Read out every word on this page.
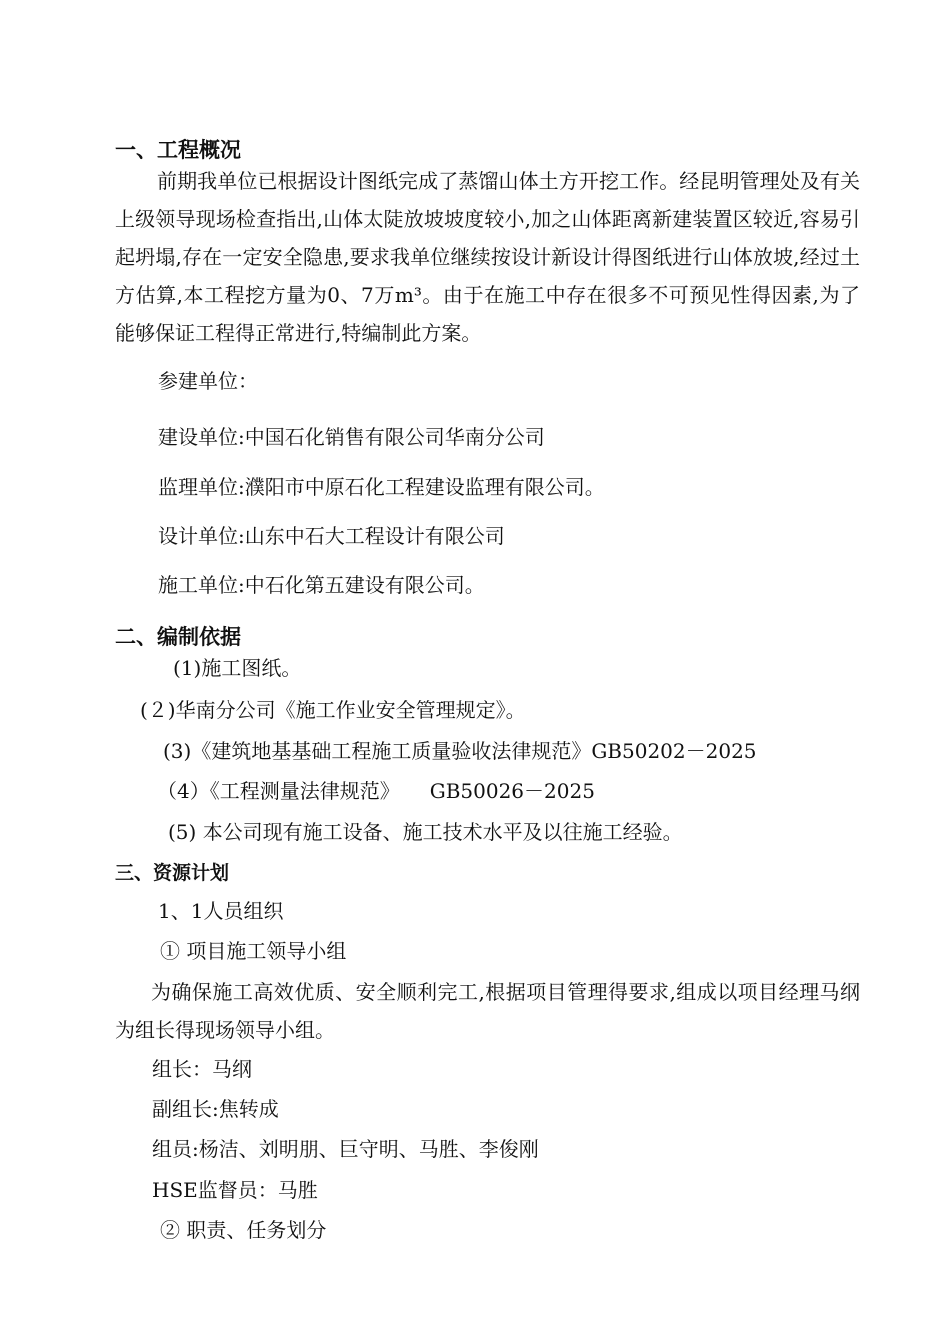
一、工程概况

前期我单位已根据设计图纸完成了蒸馏山体土方开挖工作。经昆明管理处及有关上级领导现场检查指出,山体太陡放坡坡度较小,加之山体距离新建装置区较近,容易引起坍塌,存在一定安全隐患,要求我单位继续按设计新设计得图纸进行山体放坡,经过土方估算,本工程挖方量为0、7万m³。由于在施工中存在很多不可预见性得因素,为了能够保证工程得正常进行,特编制此方案。

参建单位：
建设单位:中国石化销售有限公司华南分公司
监理单位:濮阳市中原石化工程建设监理有限公司。
设计单位:山东中石大工程设计有限公司
施工单位:中石化第五建设有限公司。
二、编制依据
(1)施工图纸。
(２)华南分公司《施工作业安全管理规定》。
(3)《建筑地基基础工程施工质量验收法律规范》GB50202－2025
（4）《工程测量法律规范》　　GB50026－2025
(5) 本公司现有施工设备、施工技术水平及以往施工经验。
三、资源计划
1、1人员组织
① 项目施工领导小组

为确保施工高效优质、安全顺利完工,根据项目管理得要求,组成以项目经理马纲为组长得现场领导小组。

组长：马纲
副组长:焦转成
组员:杨洁、刘明朋、巨守明、马胜、李俊刚
HSE监督员：马胜
② 职责、任务划分
